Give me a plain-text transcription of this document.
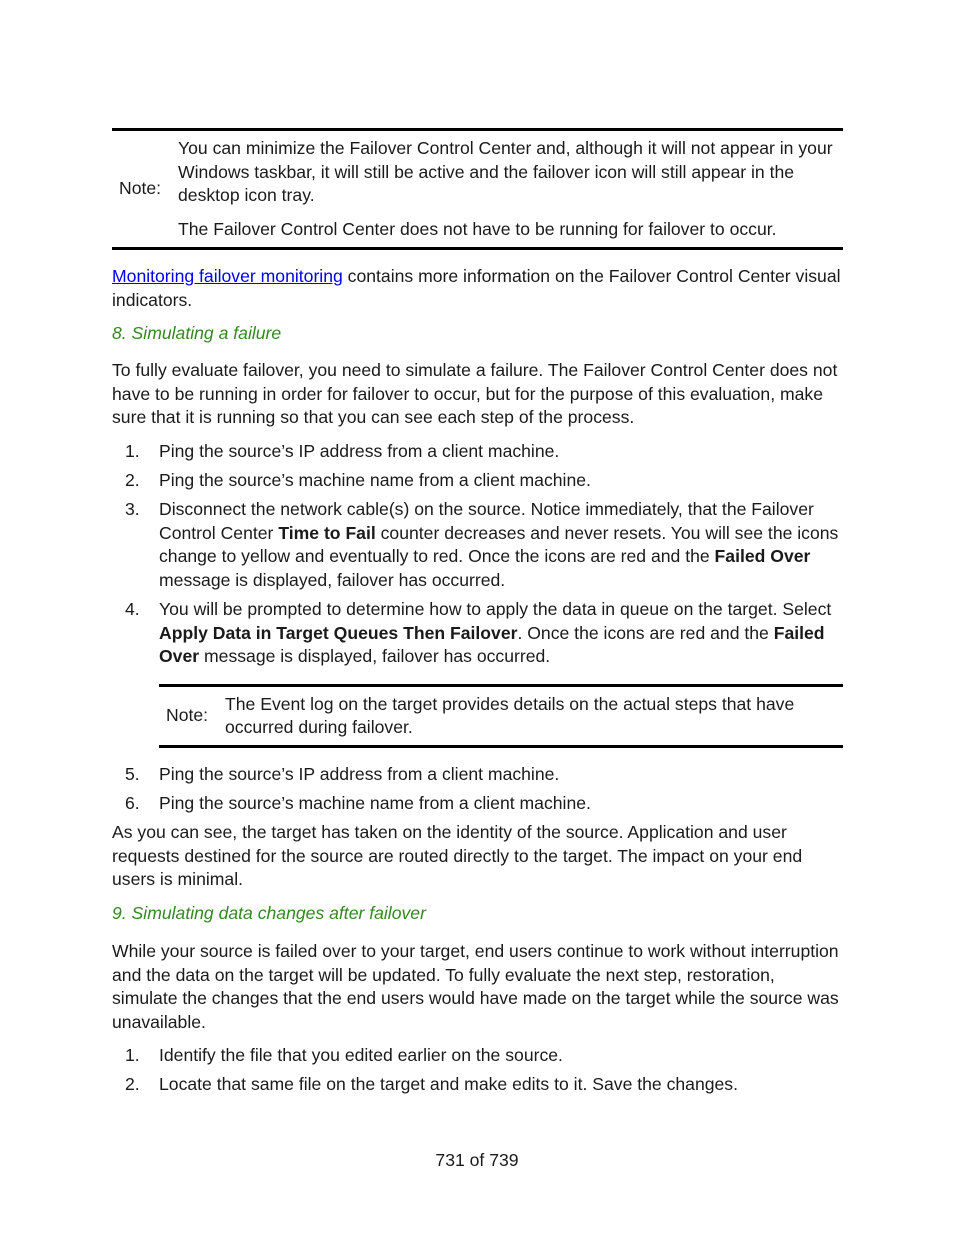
Note:

You can minimize the Failover Control Center and, although it will not appear in your Windows taskbar, it will still be active and the failover icon will still appear in the desktop icon tray.

The Failover Control Center does not have to be running for failover to occur.

Monitoring failover monitoring contains more information on the Failover Control Center visual indicators.

8. Simulating a failure

To fully evaluate failover, you need to simulate a failure. The Failover Control Center does not have to be running in order for failover to occur, but for the purpose of this evaluation, make sure that it is running so that you can see each step of the process.

1.	Ping the source’s IP address from a client machine.
2.	Ping the source’s machine name from a client machine.
3.	Disconnect the network cable(s) on the source. Notice immediately, that the Failover Control Center Time to Fail counter decreases and never resets. You will see the icons change to yellow and eventually to red. Once the icons are red and the Failed Over message is displayed, failover has occurred.
4.	You will be prompted to determine how to apply the data in queue on the target. Select Apply Data in Target Queues Then Failover. Once the icons are red and the Failed Over message is displayed, failover has occurred.
Note:

The Event log on the target provides details on the actual steps that have occurred during failover.

5.	Ping the source’s IP address from a client machine.
6.	Ping the source’s machine name from a client machine.

As you can see, the target has taken on the identity of the source. Application and user requests destined for the source are routed directly to the target. The impact on your end users is minimal.

9. Simulating data changes after failover

While your source is failed over to your target, end users continue to work without interruption and the data on the target will be updated. To fully evaluate the next step, restoration, simulate the changes that the end users would have made on the target while the source was unavailable.

1.	Identify the file that you edited earlier on the source.
2.	Locate that same file on the target and make edits to it. Save the changes.
731 of 739
